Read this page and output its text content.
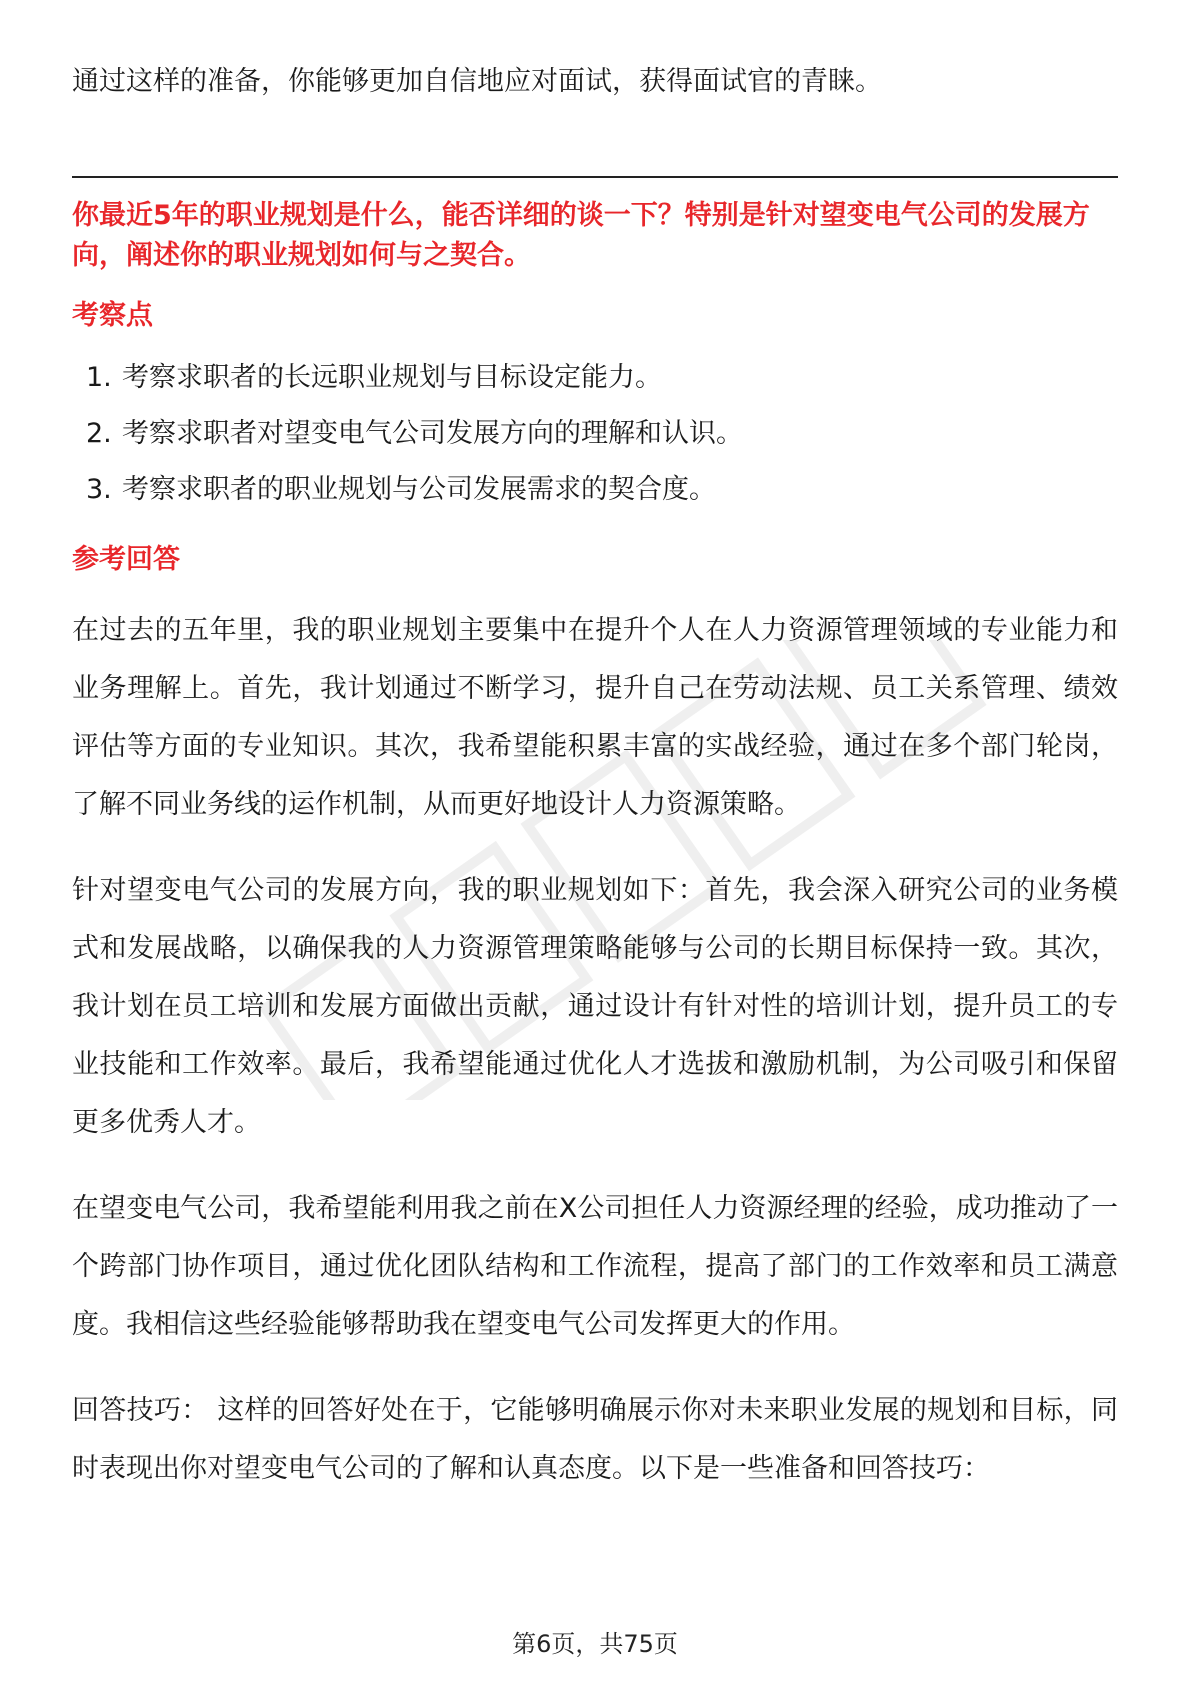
通过这样的准备，你能够更加自信地应对面试，获得面试官的青睐。

你最近5年的职业规划是什么，能否详细的谈一下？特别是针对望变电气公司的发展方向，阐述你的职业规划如何与之契合。

考察点
1. 考察求职者的长远职业规划与目标设定能力。
2. 考察求职者对望变电气公司发展方向的理解和认识。
3. 考察求职者的职业规划与公司发展需求的契合度。
参考回答

在过去的五年里，我的职业规划主要集中在提升个人在人力资源管理领域的专业能力和业务理解上。首先，我计划通过不断学习，提升自己在劳动法规、员工关系管理、绩效评估等方面的专业知识。其次，我希望能积累丰富的实战经验，通过在多个部门轮岗，了解不同业务线的运作机制，从而更好地设计人力资源策略。

针对望变电气公司的发展方向，我的职业规划如下：首先，我会深入研究公司的业务模式和发展战略，以确保我的人力资源管理策略能够与公司的长期目标保持一致。其次，我计划在员工培训和发展方面做出贡献，通过设计有针对性的培训计划，提升员工的专业技能和工作效率。最后，我希望能通过优化人才选拔和激励机制，为公司吸引和保留更多优秀人才。

在望变电气公司，我希望能利用我之前在X公司担任人力资源经理的经验，成功推动了一个跨部门协作项目，通过优化团队结构和工作流程，提高了部门的工作效率和员工满意度。我相信这些经验能够帮助我在望变电气公司发挥更大的作用。

回答技巧： 这样的回答好处在于，它能够明确展示你对未来职业发展的规划和目标，同时表现出你对望变电气公司的了解和认真态度。以下是一些准备和回答技巧：

第6页，共75页
